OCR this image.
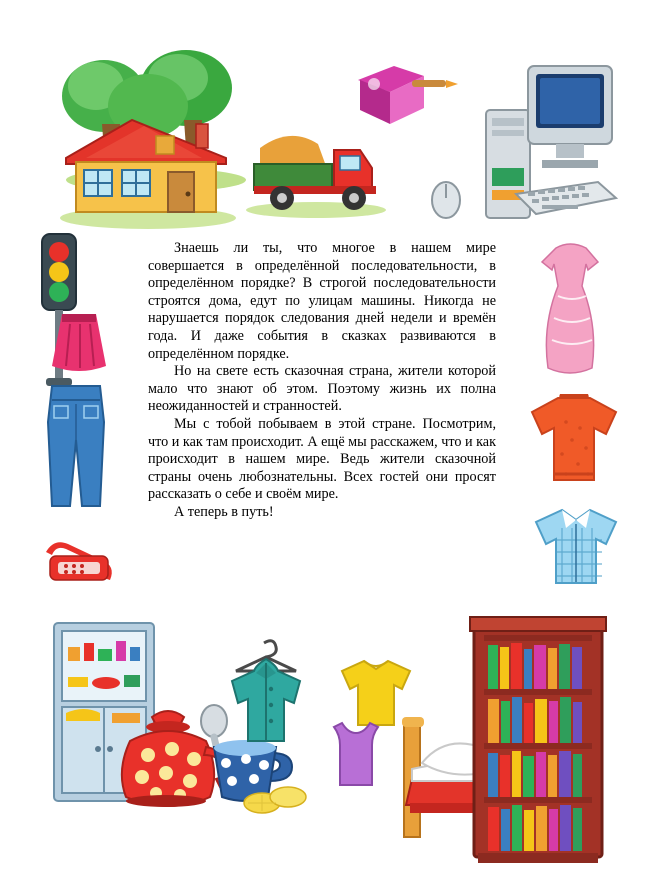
Знаешь ли ты, что многое в нашем мире совершается в определённой последовательности, в определённом порядке? В строгой последовательности строятся дома, едут по улицам машины. Никогда не нарушается порядок следования дней недели и времён года. И даже события в сказках развиваются в определённом порядке.

Но на свете есть сказочная страна, жители которой мало что знают об этом. Поэтому жизнь их полна неожиданностей и странностей.

Мы с тобой побываем в этой стране. Посмотрим, что и как там происходит. А ещё мы расскажем, что и как происходит в нашем мире. Ведь жители сказочной страны очень любознательны. Всех гостей они просят рассказать о себе и своём мире.

А теперь в путь!
